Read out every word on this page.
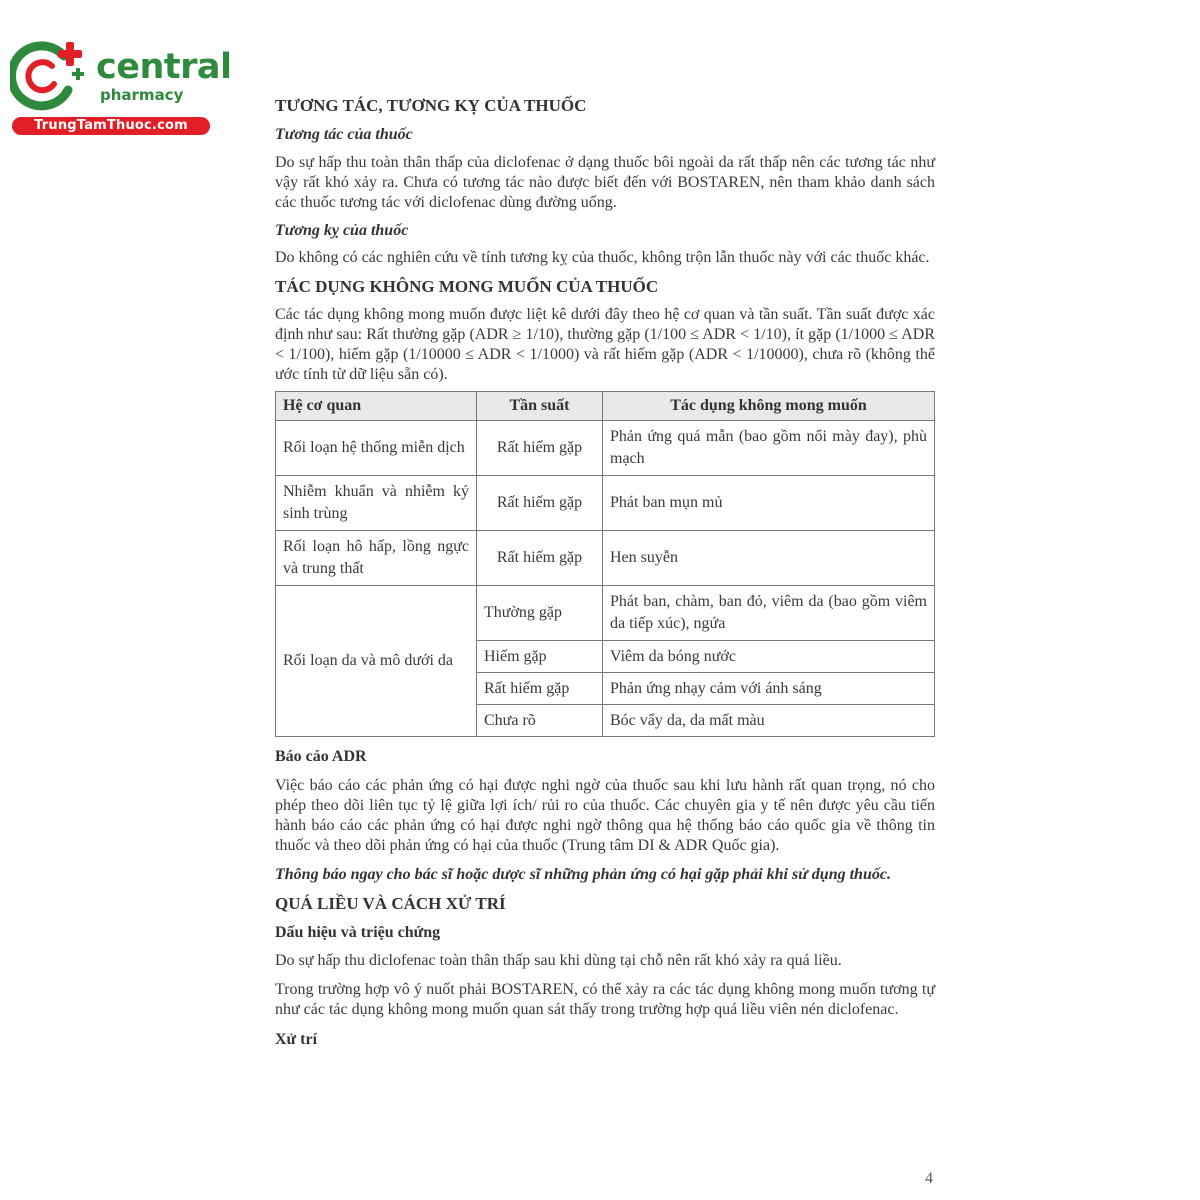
central
pharmacy
TrungTamThuoc.com
TƯƠNG TÁC, TƯƠNG KỴ CỦA THUỐC
Tương tác của thuốc

Do sự hấp thu toàn thân thấp của diclofenac ở dạng thuốc bôi ngoài da rất thấp nên các tương tác như vậy rất khó xảy ra. Chưa có tương tác nào được biết đến với BOSTAREN, nên tham khảo danh sách các thuốc tương tác với diclofenac dùng đường uống.

Tương kỵ của thuốc

Do không có các nghiên cứu về tính tương kỵ của thuốc, không trộn lẫn thuốc này với các thuốc khác.

TÁC DỤNG KHÔNG MONG MUỐN CỦA THUỐC

Các tác dụng không mong muốn được liệt kê dưới đây theo hệ cơ quan và tần suất. Tần suất được xác định như sau: Rất thường gặp (ADR ≥ 1/10), thường gặp (1/100 ≤ ADR < 1/10), ít gặp (1/1000 ≤ ADR < 1/100), hiếm gặp (1/10000 ≤ ADR < 1/1000) và rất hiếm gặp (ADR < 1/10000), chưa rõ (không thể ước tính từ dữ liệu sẵn có).

Hệ cơ quan	Tần suất	Tác dụng không mong muốn
Rối loạn hệ thống miễn dịch	Rất hiếm gặp	Phản ứng quá mẫn (bao gồm nổi mày đay), phù mạch
Nhiễm khuẩn và nhiễm ký sinh trùng	Rất hiếm gặp	Phát ban mụn mủ
Rối loạn hô hấp, lồng ngực và trung thất	Rất hiếm gặp	Hen suyễn
Rối loạn da và mô dưới da	Thường gặp	Phát ban, chàm, ban đỏ, viêm da (bao gồm viêm da tiếp xúc), ngứa
	Hiếm gặp	Viêm da bóng nước
	Rất hiếm gặp	Phản ứng nhạy cảm với ánh sáng
	Chưa rõ	Bóc vẩy da, da mất màu
Báo cáo ADR

Việc báo cáo các phản ứng có hại được nghi ngờ của thuốc sau khi lưu hành rất quan trọng, nó cho phép theo dõi liên tục tỷ lệ giữa lợi ích/ rủi ro của thuốc. Các chuyên gia y tế nên được yêu cầu tiến hành báo cáo các phản ứng có hại được nghi ngờ thông qua hệ thống báo cáo quốc gia về thông tin thuốc và theo dõi phản ứng có hại của thuốc (Trung tâm DI & ADR Quốc gia).

Thông báo ngay cho bác sĩ hoặc dược sĩ những phản ứng có hại gặp phải khi sử dụng thuốc.

QUÁ LIỀU VÀ CÁCH XỬ TRÍ
Dấu hiệu và triệu chứng

Do sự hấp thu diclofenac toàn thân thấp sau khi dùng tại chỗ nên rất khó xảy ra quá liều.

Trong trường hợp vô ý nuốt phải BOSTAREN, có thể xảy ra các tác dụng không mong muốn tương tự như các tác dụng không mong muốn quan sát thấy trong trường hợp quá liều viên nén diclofenac.

Xử trí
4
